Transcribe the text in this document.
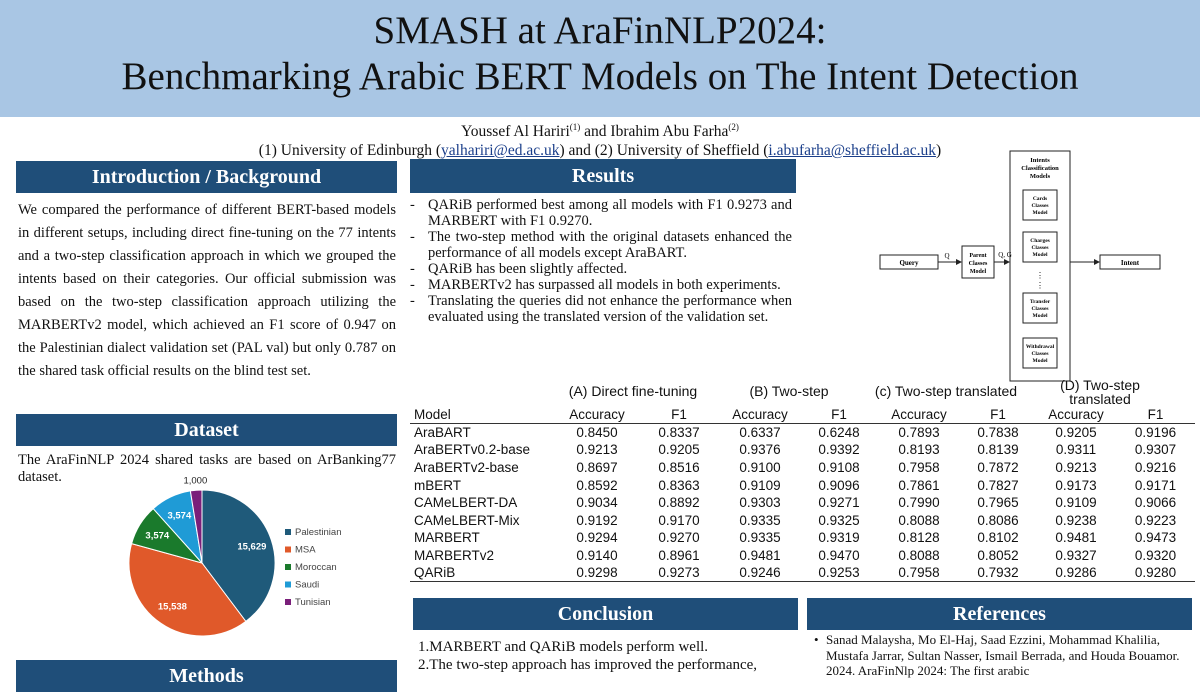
SMASH at AraFinNLP2024:
Benchmarking Arabic BERT Models on The Intent Detection
Youssef Al Hariri$^{(1)}$ and Ibrahim Abu Farha$^{(2)}$
(1) University of Edinburgh (yalhariri@ed.ac.uk) and (2) University of Sheffield (i.abufarha@sheffield.ac.uk)
Introduction / Background

We compared the performance of different BERT-based models in different setups, including direct fine-tuning on the 77 intents and a two-step classification approach in which we grouped the intents based on their categories. Our official submission was based on the two-step classification approach utilizing the MARBERTv2 model, which achieved an F1 score of 0.947 on the Palestinian dialect validation set (PAL val) but only 0.787 on the shared task official results on the blind test set.

Dataset

The AraFinNLP 2024 shared tasks are based on ArBanking77 dataset.

15,629
15,538
3,574
3,574
1,000
Palestinian
MSA
Moroccan
Saudi
Tunisian
Methods
Results
- QARiB performed best among all models with F1 0.9273 and MARBERT with F1 0.9270.
- The two-step method with the original datasets enhanced the performance of all models except AraBART.
- QARiB has been slightly affected.
- MARBERTv2 has surpassed all models in both experiments.
- Translating the queries did not enhance the performance when evaluated using the translated version of the validation set.
Intents
Classification
Models
Query
Q	Parent
Classes
Model
Q, G
Cards
Classes
Model
Charges
Classes
Model
⋮
⋮
Transfer
Classes
Model
Withdrawal
Classes
Model
Intent
(A) Direct fine-tuning	(B) Two-step	(c) Two-step translated	(D) Two-step translated
Model	Accuracy	F1	Accuracy	F1	Accuracy	F1	Accuracy	F1
AraBART	0.8450	0.8337	0.6337	0.6248	0.7893	0.7838	0.9205	0.9196
AraBERTv0.2-base	0.9213	0.9205	0.9376	0.9392	0.8193	0.8139	0.9311	0.9307
AraBERTv2-base	0.8697	0.8516	0.9100	0.9108	0.7958	0.7872	0.9213	0.9216
mBERT	0.8592	0.8363	0.9109	0.9096	0.7861	0.7827	0.9173	0.9171
CAMeLBERT-DA	0.9034	0.8892	0.9303	0.9271	0.7990	0.7965	0.9109	0.9066
CAMeLBERT-Mix	0.9192	0.9170	0.9335	0.9325	0.8088	0.8086	0.9238	0.9223
MARBERT	0.9294	0.9270	0.9335	0.9319	0.8128	0.8102	0.9481	0.9473
MARBERTv2	0.9140	0.8961	0.9481	0.9470	0.8088	0.8052	0.9327	0.9320
QARiB	0.9298	0.9273	0.9246	0.9253	0.7958	0.7932	0.9286	0.9280
Conclusion
1.MARBERT and QARiB models perform well.
2.The two-step approach has improved the performance,
References
• Sanad Malaysha, Mo El-Haj, Saad Ezzini, Mohammad Khalilia, Mustafa Jarrar, Sultan Nasser, Ismail Berrada, and Houda Bouamor. 2024. AraFinNlp 2024: The first arabic
